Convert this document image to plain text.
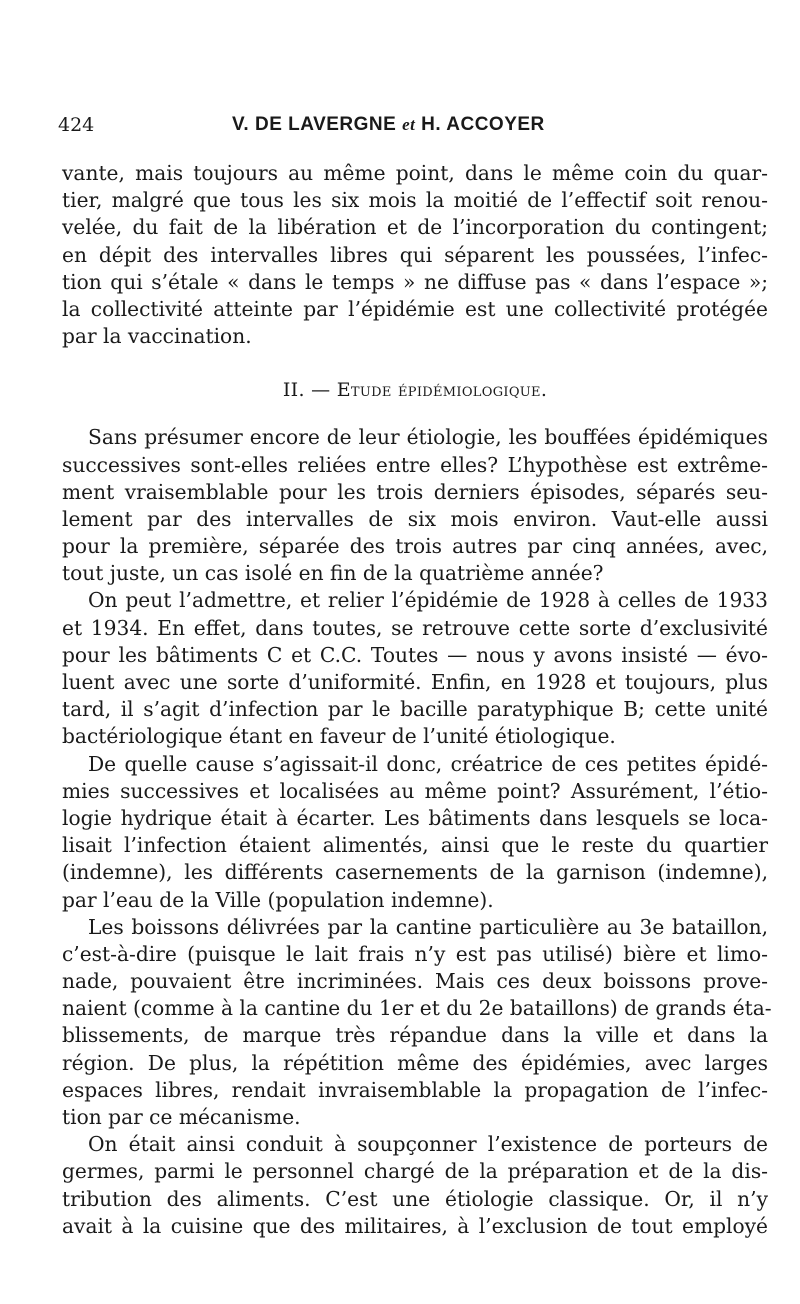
424	V. DE LAVERGNE et H. ACCOYER
vante, mais toujours au même point, dans le même coin du quar-
tier, malgré que tous les six mois la moitié de l’effectif soit renou-
velée, du fait de la libération et de l’incorporation du contingent;
en dépit des intervalles libres qui séparent les poussées, l’infec-
tion qui s’étale « dans le temps » ne diffuse pas « dans l’espace »;
la collectivité atteinte par l’épidémie est une collectivité protégée
par la vaccination.
II. — Etude épidémiologique.
Sans présumer encore de leur étiologie, les bouffées épidémiques
successives sont-elles reliées entre elles? L’hypothèse est extrême-
ment vraisemblable pour les trois derniers épisodes, séparés seu-
lement par des intervalles de six mois environ. Vaut-elle aussi
pour la première, séparée des trois autres par cinq années, avec,
tout juste, un cas isolé en fin de la quatrième année?
On peut l’admettre, et relier l’épidémie de 1928 à celles de 1933
et 1934. En effet, dans toutes, se retrouve cette sorte d’exclusivité
pour les bâtiments C et C.C. Toutes — nous y avons insisté — évo-
luent avec une sorte d’uniformité. Enfin, en 1928 et toujours, plus
tard, il s’agit d’infection par le bacille paratyphique B; cette unité
bactériologique étant en faveur de l’unité étiologique.
De quelle cause s’agissait-il donc, créatrice de ces petites épidé-
mies successives et localisées au même point? Assurément, l’étio-
logie hydrique était à écarter. Les bâtiments dans lesquels se loca-
lisait l’infection étaient alimentés, ainsi que le reste du quartier
(indemne), les différents casernements de la garnison (indemne),
par l’eau de la Ville (population indemne).
Les boissons délivrées par la cantine particulière au 3e bataillon,
c’est-à-dire (puisque le lait frais n’y est pas utilisé) bière et limo-
nade, pouvaient être incriminées. Mais ces deux boissons prove-
naient (comme à la cantine du 1er et du 2e bataillons) de grands éta-
blissements, de marque très répandue dans la ville et dans la
région. De plus, la répétition même des épidémies, avec larges
espaces libres, rendait invraisemblable la propagation de l’infec-
tion par ce mécanisme.
On était ainsi conduit à soupçonner l’existence de porteurs de
germes, parmi le personnel chargé de la préparation et de la dis-
tribution des aliments. C’est une étiologie classique. Or, il n’y
avait à la cuisine que des militaires, à l’exclusion de tout employé
